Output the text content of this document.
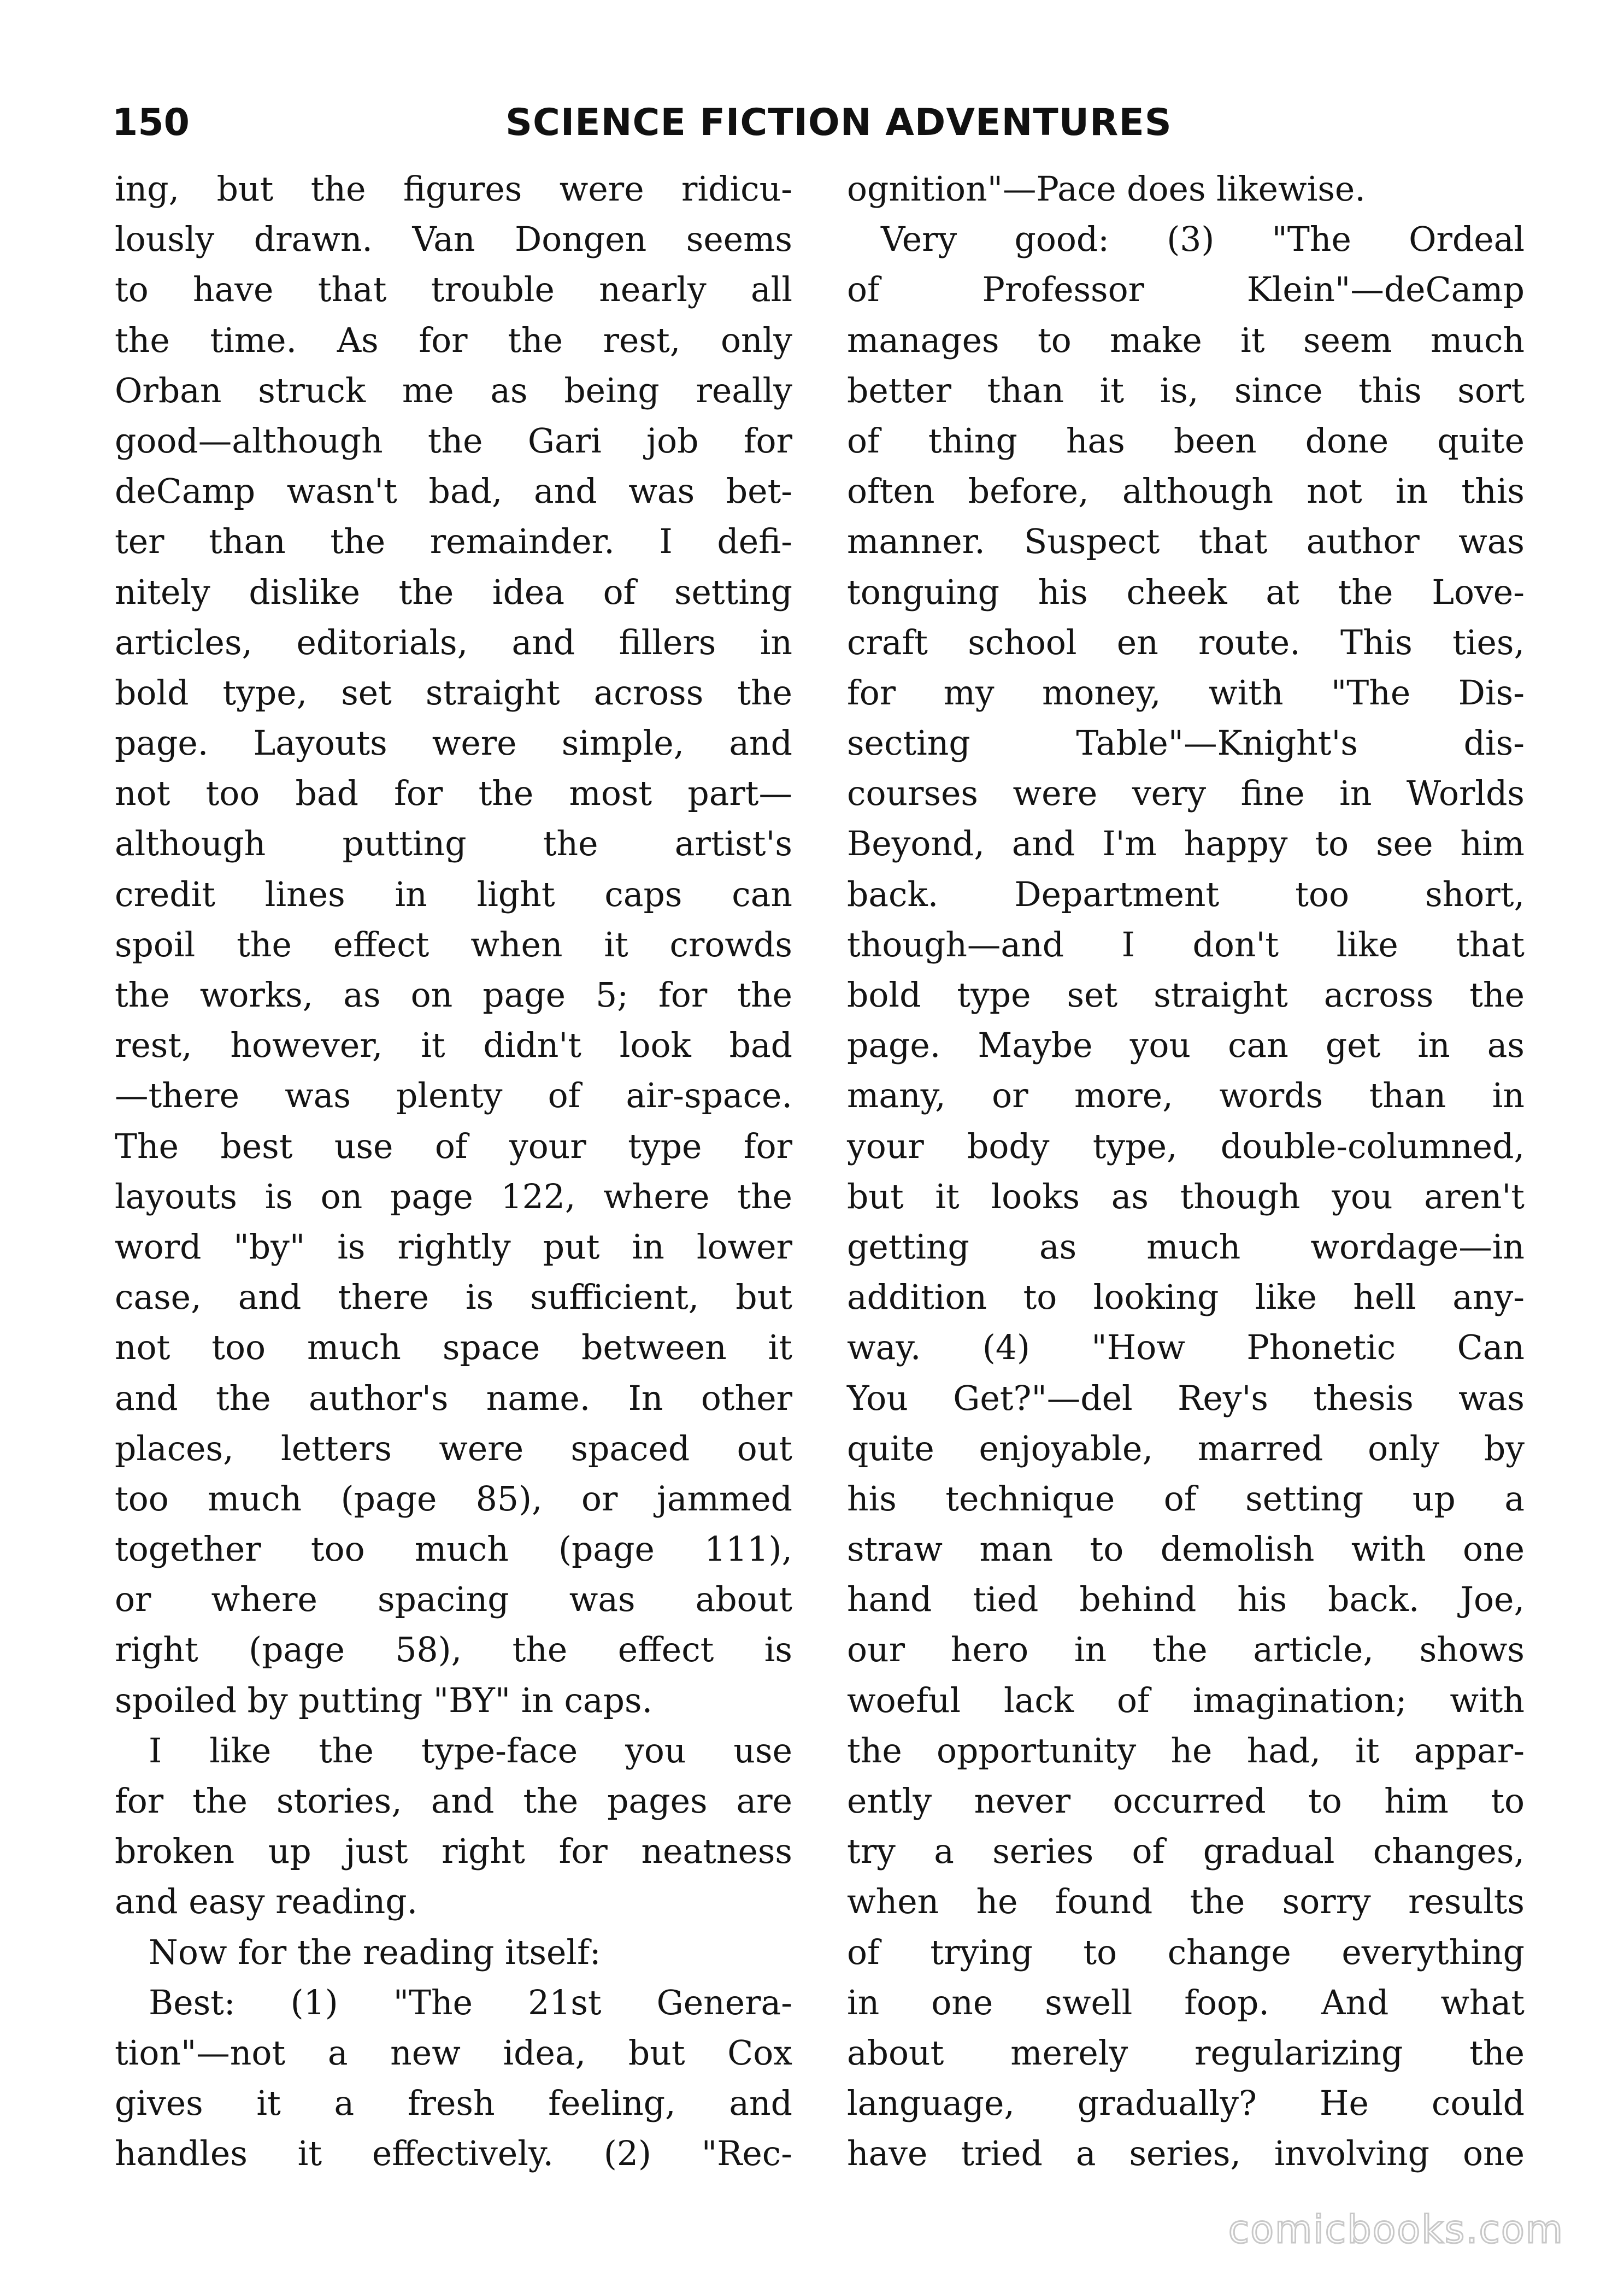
150	SCIENCE FICTION ADVENTURES
ing, but the figures were ridicu-
lously drawn. Van Dongen seems
to have that trouble nearly all
the time. As for the rest, only
Orban struck me as being really
good—although the Gari job for
deCamp wasn't bad, and was bet-
ter than the remainder. I defi-
nitely dislike the idea of setting
articles, editorials, and fillers in
bold type, set straight across the
page. Layouts were simple, and
not too bad for the most part—
although putting the artist's
credit lines in light caps can
spoil the effect when it crowds
the works, as on page 5; for the
rest, however, it didn't look bad
—there was plenty of air-space.
The best use of your type for
layouts is on page 122, where the
word "by" is rightly put in lower
case, and there is sufficient, but
not too much space between it
and the author's name. In other
places, letters were spaced out
too much (page 85), or jammed
together too much (page 111),
or where spacing was about
right (page 58), the effect is
spoiled by putting "BY" in caps.
I like the type-face you use
for the stories, and the pages are
broken up just right for neatness
and easy reading.
Now for the reading itself:
Best: (1) "The 21st Genera-
tion"—not a new idea, but Cox
gives it a fresh feeling, and
handles it effectively. (2) "Rec-
ognition"—Pace does likewise.
Very good: (3) "The Ordeal
of Professor Klein"—deCamp
manages to make it seem much
better than it is, since this sort
of thing has been done quite
often before, although not in this
manner. Suspect that author was
tonguing his cheek at the Love-
craft school en route. This ties,
for my money, with "The Dis-
secting Table"—Knight's dis-
courses were very fine in Worlds
Beyond, and I'm happy to see him
back. Department too short,
though—and I don't like that
bold type set straight across the
page. Maybe you can get in as
many, or more, words than in
your body type, double-columned,
but it looks as though you aren't
getting as much wordage—in
addition to looking like hell any-
way. (4) "How Phonetic Can
You Get?"—del Rey's thesis was
quite enjoyable, marred only by
his technique of setting up a
straw man to demolish with one
hand tied behind his back. Joe,
our hero in the article, shows
woeful lack of imagination; with
the opportunity he had, it appar-
ently never occurred to him to
try a series of gradual changes,
when he found the sorry results
of trying to change everything
in one swell foop. And what
about merely regularizing the
language, gradually? He could
have tried a series, involving one
comicbooks.com
